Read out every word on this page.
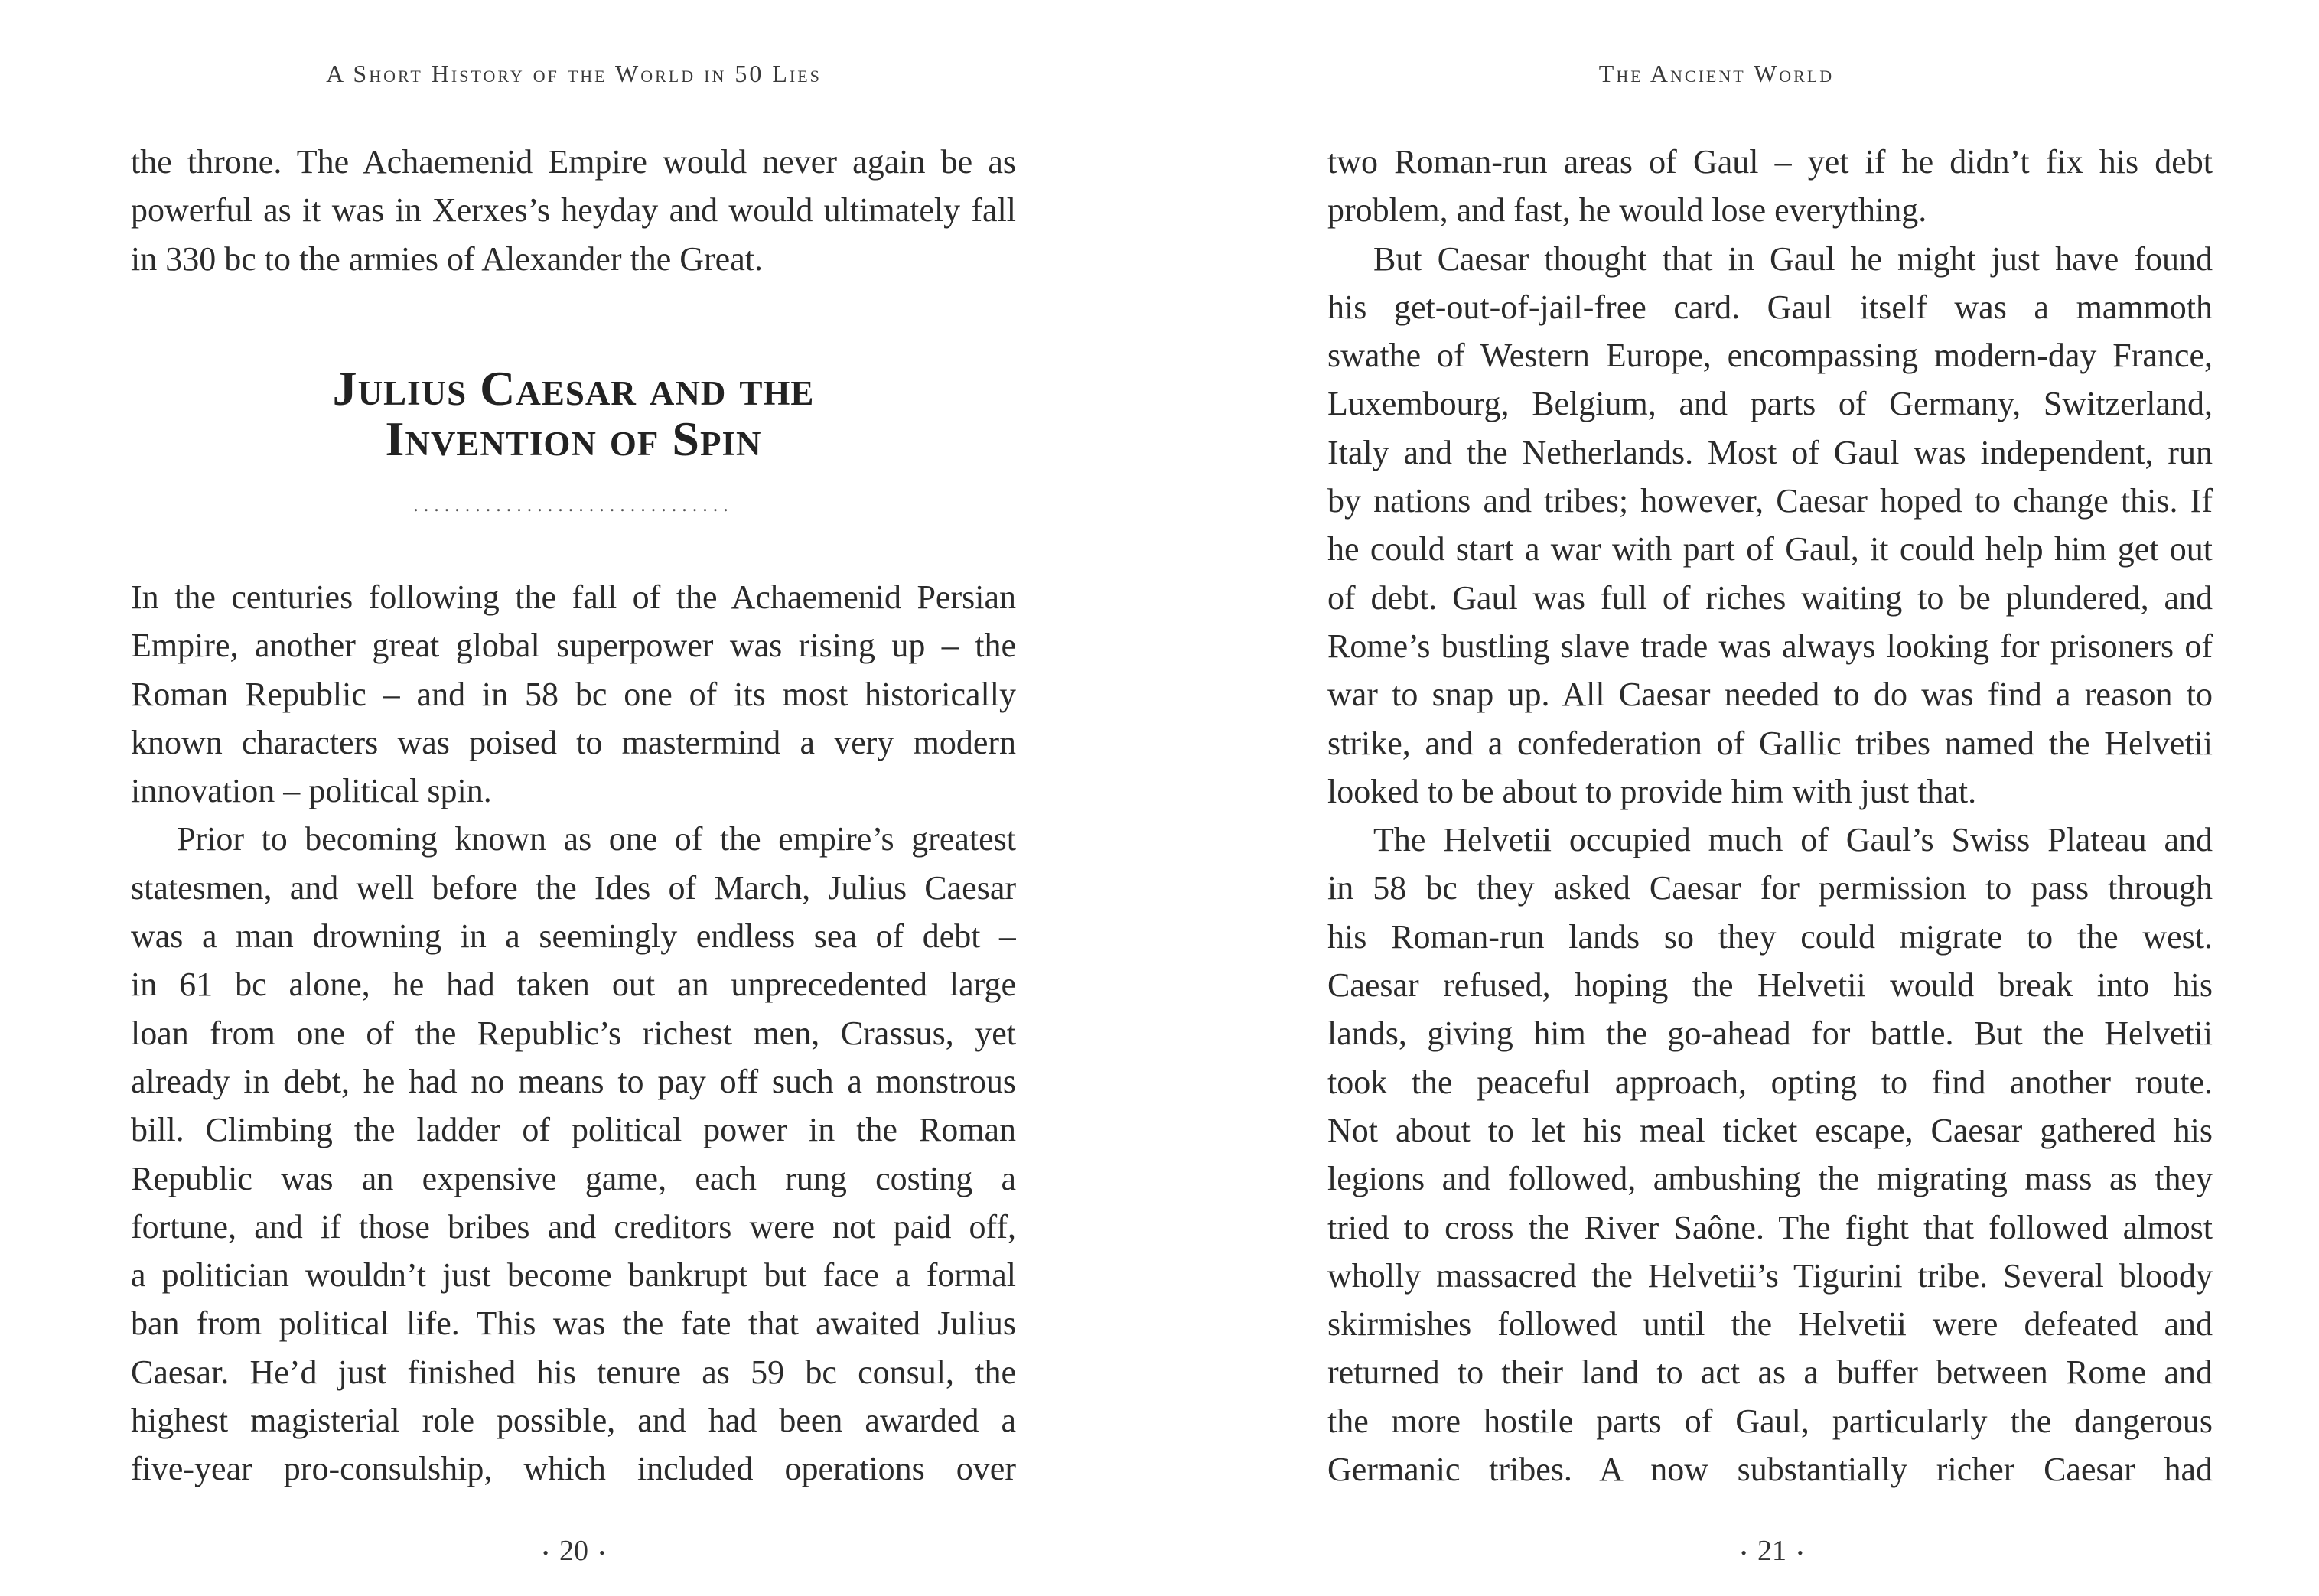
A Short History of the World in 50 Lies
the throne. The Achaemenid Empire would never again be as
powerful as it was in Xerxes’s heyday and would ultimately fall
in 330 bc to the armies of Alexander the Great.
Julius Caesar and the
Invention of Spin
...............................
In the centuries following the fall of the Achaemenid Persian
Empire, another great global superpower was rising up – the
Roman Republic – and in 58 bc one of its most historically
known characters was poised to mastermind a very modern
innovation – political spin.
Prior to becoming known as one of the empire’s greatest
statesmen, and well before the Ides of March, Julius Caesar
was a man drowning in a seemingly endless sea of debt –
in 61 bc alone, he had taken out an unprecedented large
loan from one of the Republic’s richest men, Crassus, yet
already in debt, he had no means to pay off such a monstrous
bill. Climbing the ladder of political power in the Roman
Republic was an expensive game, each rung costing a
fortune, and if those bribes and creditors were not paid off,
a politician wouldn’t just become bankrupt but face a formal
ban from political life. This was the fate that awaited Julius
Caesar. He’d just finished his tenure as 59 bc consul, the
highest magisterial role possible, and had been awarded a
five-year pro-consulship, which included operations over
• 20 •
The Ancient World
two Roman-run areas of Gaul – yet if he didn’t fix his debt
problem, and fast, he would lose everything.
But Caesar thought that in Gaul he might just have found
his get-out-of-jail-free card. Gaul itself was a mammoth
swathe of Western Europe, encompassing modern-day France,
Luxembourg, Belgium, and parts of Germany, Switzerland,
Italy and the Netherlands. Most of Gaul was independent, run
by nations and tribes; however, Caesar hoped to change this. If
he could start a war with part of Gaul, it could help him get out
of debt. Gaul was full of riches waiting to be plundered, and
Rome’s bustling slave trade was always looking for prisoners of
war to snap up. All Caesar needed to do was find a reason to
strike, and a confederation of Gallic tribes named the Helvetii
looked to be about to provide him with just that.
The Helvetii occupied much of Gaul’s Swiss Plateau and
in 58 bc they asked Caesar for permission to pass through
his Roman-run lands so they could migrate to the west.
Caesar refused, hoping the Helvetii would break into his
lands, giving him the go-ahead for battle. But the Helvetii
took the peaceful approach, opting to find another route.
Not about to let his meal ticket escape, Caesar gathered his
legions and followed, ambushing the migrating mass as they
tried to cross the River Saône. The fight that followed almost
wholly massacred the Helvetii’s Tigurini tribe. Several bloody
skirmishes followed until the Helvetii were defeated and
returned to their land to act as a buffer between Rome and
the more hostile parts of Gaul, particularly the dangerous
Germanic tribes. A now substantially richer Caesar had
• 21 •
